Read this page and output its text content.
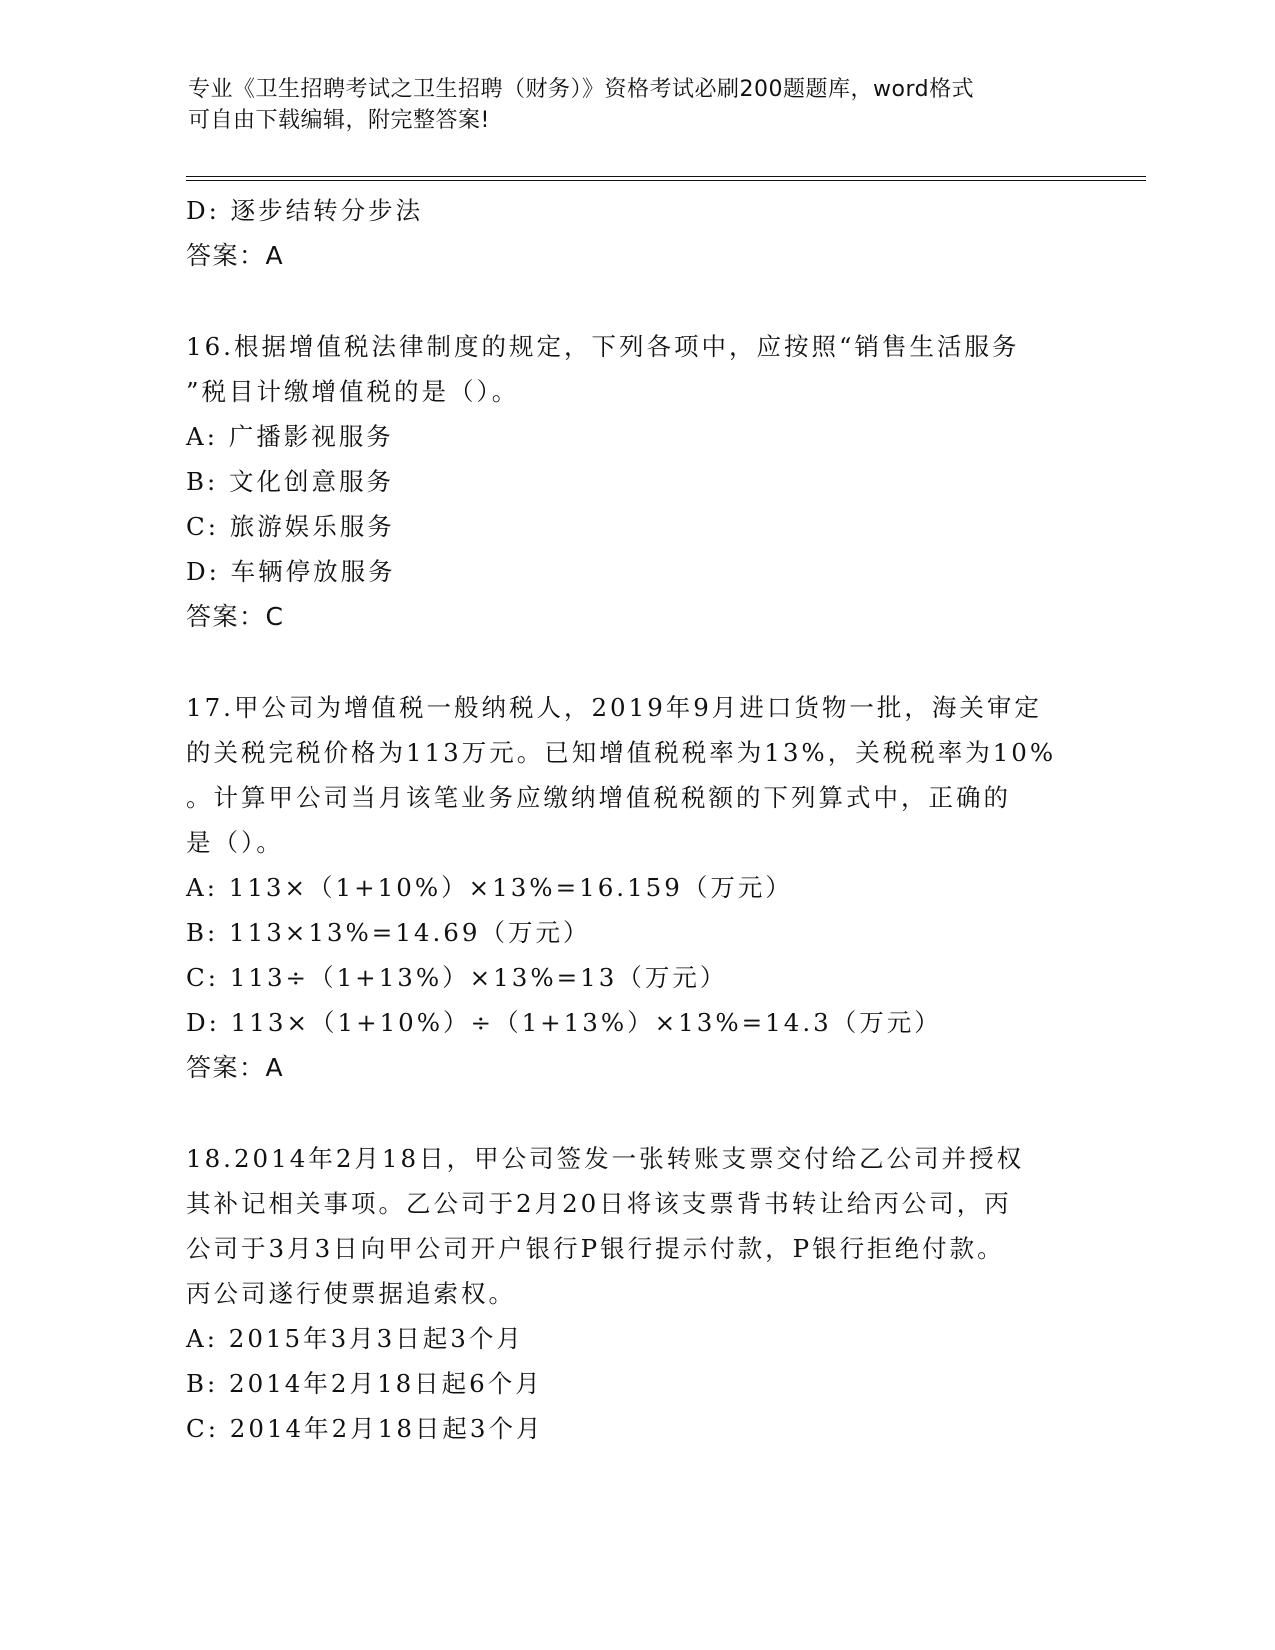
专业《卫生招聘考试之卫生招聘（财务）》资格考试必刷200题题库，word格式
可自由下载编辑，附完整答案!
D: 逐步结转分步法
答案：A
16.根据增值税法律制度的规定，下列各项中，应按照“销售生活服务
”税目计缴增值税的是（）。
A: 广播影视服务
B: 文化创意服务
C: 旅游娱乐服务
D: 车辆停放服务
答案：C
17.甲公司为增值税一般纳税人，2019年9月进口货物一批，海关审定
的关税完税价格为113万元。已知增值税税率为13%，关税税率为10%
。计算甲公司当月该笔业务应缴纳增值税税额的下列算式中，正确的
是（）。
A: 113×（1+10%）×13%=16.159（万元）
B: 113×13%=14.69（万元）
C: 113÷（1+13%）×13%=13（万元）
D: 113×（1+10%）÷（1+13%）×13%=14.3（万元）
答案：A
18.2014年2月18日，甲公司签发一张转账支票交付给乙公司并授权
其补记相关事项。乙公司于2月20日将该支票背书转让给丙公司，丙
公司于3月3日向甲公司开户银行P银行提示付款，P银行拒绝付款。
丙公司遂行使票据追索权。
A: 2015年3月3日起3个月
B: 2014年2月18日起6个月
C: 2014年2月18日起3个月
